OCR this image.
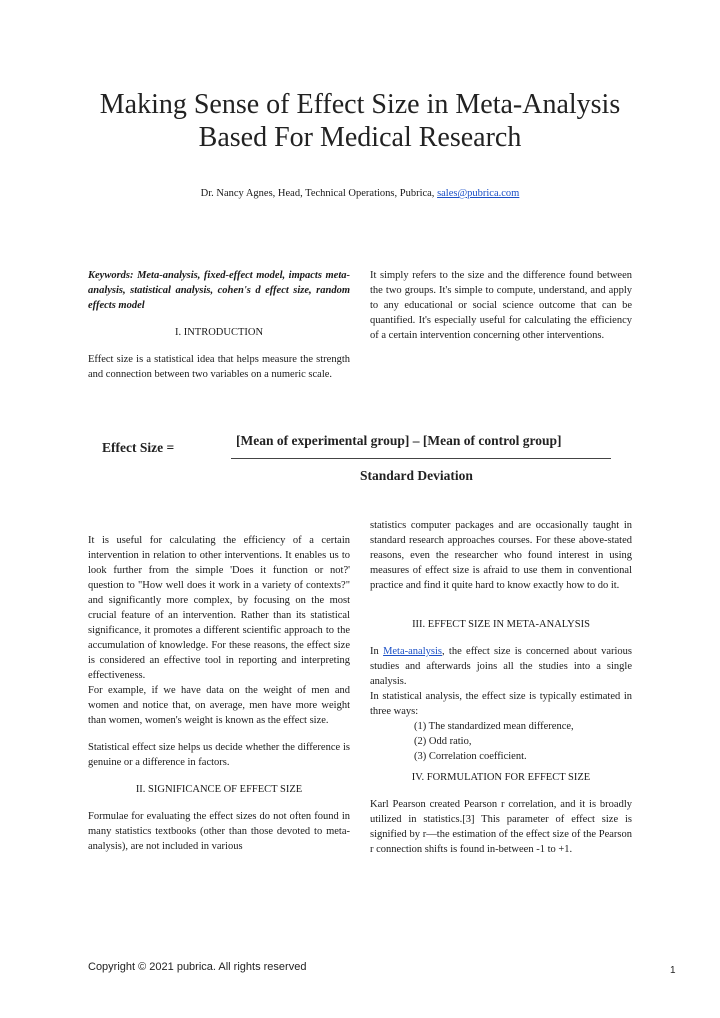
Making Sense of Effect Size in Meta-Analysis
Based For Medical Research
Dr. Nancy Agnes, Head, Technical Operations, Pubrica, sales@pubrica.com

Keywords: Meta-analysis, fixed-effect model, impacts meta-analysis, statistical analysis, cohen's d effect size, random effects model

I. INTRODUCTION

Effect size is a statistical idea that helps measure the strength and connection between two variables on a numeric scale.

It simply refers to the size and the difference found between the two groups. It's simple to compute, understand, and apply to any educational or social science outcome that can be quantified. It's especially useful for calculating the efficiency of a certain intervention concerning other interventions.

Effect Size =	[Mean of experimental group] – [Mean of control group]
Standard Deviation

It is useful for calculating the efficiency of a certain intervention in relation to other interventions. It enables us to look further from the simple 'Does it function or not?' question to "How well does it work in a variety of contexts?" and significantly more complex, by focusing on the most crucial feature of an intervention. Rather than its statistical significance, it promotes a different scientific approach to the accumulation of knowledge. For these reasons, the effect size is considered an effective tool in reporting and interpreting effectiveness.

For example, if we have data on the weight of men and women and notice that, on average, men have more weight than women, women's weight is known as the effect size.

Statistical effect size helps us decide whether the difference is genuine or a difference in factors.

II. SIGNIFICANCE OF EFFECT SIZE

Formulae for evaluating the effect sizes do not often found in many statistics textbooks (other than those devoted to meta-analysis), are not included in various

statistics computer packages and are occasionally taught in standard research approaches courses. For these above-stated reasons, even the researcher who found interest in using measures of effect size is afraid to use them in conventional practice and find it quite hard to know exactly how to do it.

III. EFFECT SIZE IN META-ANALYSIS

In Meta-analysis, the effect size is concerned about various studies and afterwards joins all the studies into a single analysis.

In statistical analysis, the effect size is typically estimated in three ways:

(1) The standardized mean difference,

(2) Odd ratio,

(3) Correlation coefficient.

IV. FORMULATION FOR EFFECT SIZE

Karl Pearson created Pearson r correlation, and it is broadly utilized in statistics.[3] This parameter of effect size is signified by r—the estimation of the effect size of the Pearson r connection shifts is found in-between -1 to +1.

Copyright © 2021 pubrica. All rights reserved	1
